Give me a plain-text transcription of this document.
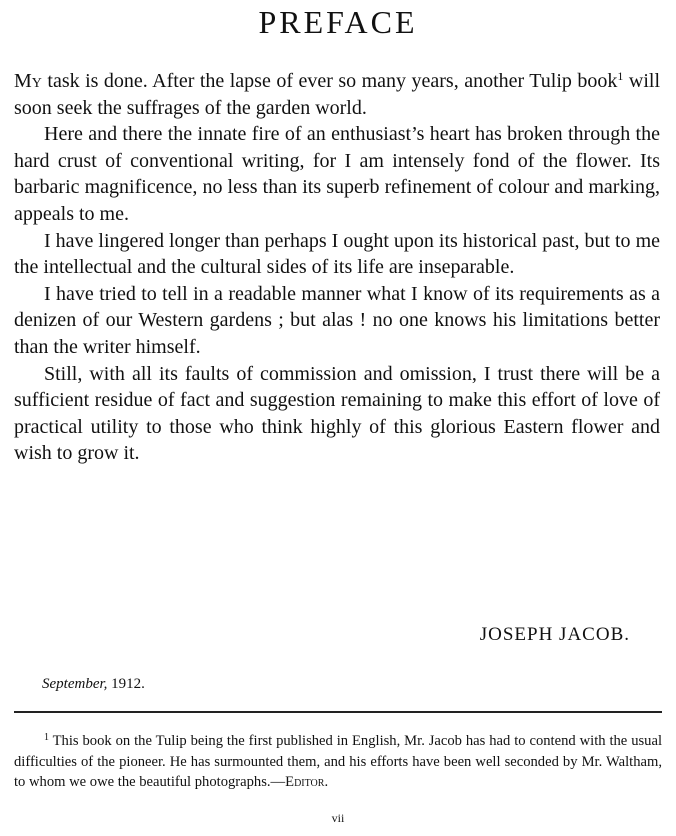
PREFACE

My task is done. After the lapse of ever so many years, another Tulip book$^1$ will soon seek the suffrages of the garden world.

Here and there the innate fire of an enthusiast’s heart has broken through the hard crust of conventional writing, for I am intensely fond of the flower. Its barbaric magnificence, no less than its superb refinement of colour and marking, appeals to me.

I have lingered longer than perhaps I ought upon its historical past, but to me the intellectual and the cultural sides of its life are inseparable.

I have tried to tell in a readable manner what I know of its requirements as a denizen of our Western gardens ; but alas ! no one knows his limitations better than the writer himself.

Still, with all its faults of commission and omission, I trust there will be a sufficient residue of fact and suggestion remaining to make this effort of love of practical utility to those who think highly of this glorious Eastern flower and wish to grow it.

JOSEPH JACOB.
September, 1912.

$^1$ This book on the Tulip being the first published in English, Mr. Jacob has had to contend with the usual difficulties of the pioneer. He has surmounted them, and his efforts have been well seconded by Mr. Waltham, to whom we owe the beautiful photographs.—Editor.

vii
